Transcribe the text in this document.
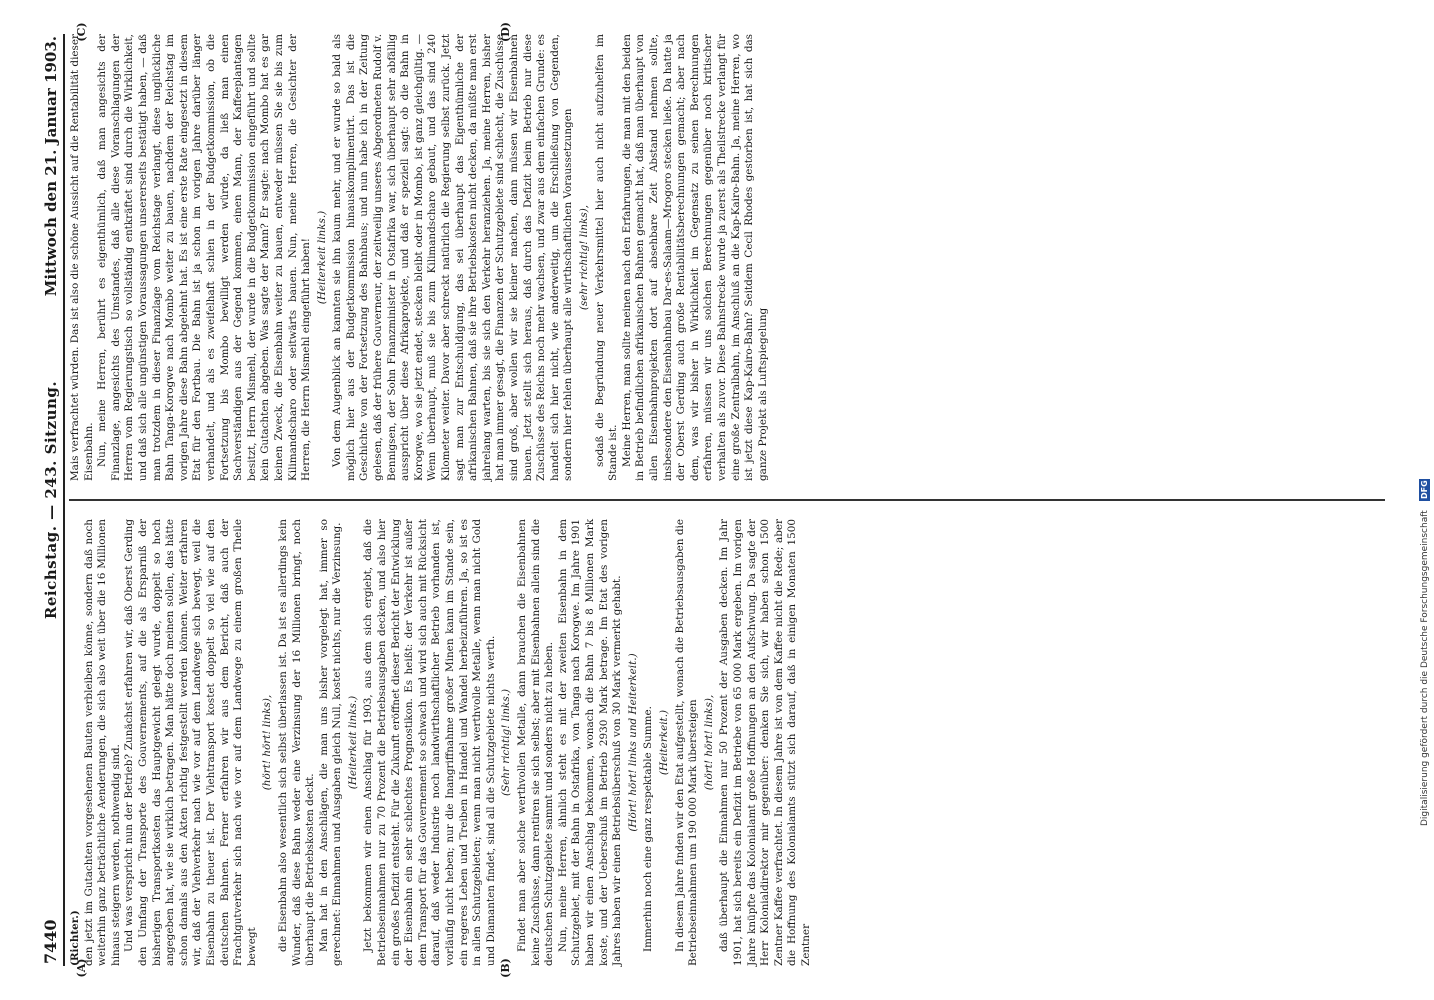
7440
Reichstag. — 243. Sitzung.
Mittwoch den 21. Januar 1903.
(A)	(B)

(Richter.) den jetzt im Gutachten vorgesehenen Bauten verbleiben könne, sondern daß noch weiterhin ganz beträchtliche Aenderungen, die sich also weit über die 16 Millionen hinaus steigern werden, nothwendig sind. Und was verspricht nun der Betrieb? Zunächst erfahren wir, daß Oberst Gerding den Umfang der Transporte des Gouvernements, auf die als Ersparniß der bisherigen Transportkosten das Hauptgewicht gelegt wurde, doppelt so hoch angegeben hat, wie sie wirklich betragen. Man hätte doch meinen sollen, das hätte schon damals aus den Akten richtig festgestellt werden können. Weiter erfahren wir, daß der Viehverkehr nach wie vor auf dem Landwege sich bewegt, weil die Eisenbahn zu theuer ist. Der Viehtransport kostet doppelt so viel wie auf den deutschen Bahnen. Ferner erfahren wir aus dem Bericht, daß auch der Frachtgutverkehr sich nach wie vor auf dem Landwege zu einem großen Theile bewegt

(hört! hört! links), die Eisenbahn also wesentlich sich selbst überlassen ist. Da ist es allerdings kein Wunder, daß diese Bahn weder eine Verzinsung der 16 Millionen bringt, noch überhaupt die Betriebskosten deckt. Man hat in den Anschlägen, die man uns bisher vorgelegt hat, immer so gerechnet: Einnahmen und Ausgaben gleich Null, kostet nichts, nur die Verzinsung. (Heiterkeit links.) Jetzt bekommen wir einen Anschlag für 1903, aus dem sich ergiebt, daß die Betriebseinnahmen nur zu 70 Prozent die Betriebsausgaben decken, und also hier ein großes Defizit entsteht. Für die Zukunft eröffnet dieser Bericht der Entwicklung der Eisenbahn ein sehr schlechtes Prognostikon. Es heißt: der Verkehr ist außer dem Transport für das Gouvernement so schwach und wird sich auch mit Rücksicht darauf, daß weder Industrie noch landwirthschaftlicher Betrieb vorhanden ist, vorläufig nicht heben; nur die Inangriffnahme großer Minen kann im Stande sein, ein regeres Leben und Treiben in Handel und Wandel herbeizuführen. Ja, so ist es in allen Schutzgebieten; wenn man nicht werthvolle Metalle, wenn man nicht Gold und Diamanten findet, sind all die Schutzgebiete nichts werth. (Sehr richtig! links.) Findet man aber solche werthvollen Metalle, dann brauchen die Eisenbahnen keine Zuschüsse, dann rentiren sie sich selbst; aber mit Eisenbahnen allein sind die deutschen Schutzgebiete sammt und sonders nicht zu heben. Nun, meine Herren, ähnlich steht es mit der zweiten Eisenbahn in dem Schutzgebiet, mit der Bahn in Ostafrika, von Tanga nach Korogwe. Im Jahre 1901 haben wir einen Anschlag bekommen, wonach die Bahn 7 bis 8 Millionen Mark koste, und der Ueberschuß im Betrieb 2930 Mark betrage. Im Etat des vorigen Jahres haben wir einen Betriebsüberschuß von 30 Mark vermerkt gehabt. (Hört! hört! links und Heiterkeit.) Immerhin noch eine ganz respektable Summe. (Heiterkeit.) In diesem Jahre finden wir den Etat aufgestellt, wonach die Betriebsausgaben die Betriebseinnahmen um 190 000 Mark übersteigen (hört! hört! links), daß überhaupt die Einnahmen nur 50 Prozent der Ausgaben decken. Im Jahr 1901, hat sich bereits ein Defizit im Betriebe von 65 000 Mark ergeben. Im vorigen Jahre knüpfte das Kolonialamt große Hoffnungen an den Aufschwung. Da sagte der Herr Kolonialdirektor mir gegenüber: denken Sie sich, wir haben schon 1500 Zentner Kaffee verfrachtet. In diesem Jahre ist von dem Kaffee nicht die Rede; aber die Hoffnung des Kolonialamts stützt sich darauf, daß in einigen Monaten 1500 Zentner

(C)	(D)

Mais verfrachtet würden. Das ist also die schöne Aussicht auf die Rentabilität dieser Eisenbahn. Nun, meine Herren, berührt es eigenthümlich, daß man angesichts der Finanzlage, angesichts des Umstandes, daß alle diese Voranschlagungen der Herren vom Regierungstisch so vollständig entkräftet sind durch die Wirklichkeit, und daß sich alle ungünstigen Voraussagungen unsererseits bestätigt haben, — daß man trotzdem in dieser Finanzlage vom Reichstage verlangt, diese unglückliche Bahn Tanga-Korogwe nach Mombo weiter zu bauen, nachdem der Reichstag im vorigen Jahre diese Bahn abgelehnt hat. Es ist eine erste Rate eingesetzt in diesem Etat für den Fortbau. Die Bahn ist ja schon im vorigen Jahre darüber länger verhandelt, und als es zweifelhaft schien in der Budgetkommission, ob die Fortsetzung bis Mombo bewilligt werden würde, da ließ man einen Sachverständigen aus der Gegend kommen, einen Mann, der Kaffeeplantagen besitzt, Herrn Mismehl, der wurde in die Budgetkommission eingeführt und sollte kein Gutachten abgeben. Was sagte der Mann? Er sagte: nach Mombo hat es gar keinen Zweck, die Eisenbahn weiter zu bauen, entweder müssen Sie sie bis zum Kilimandscharo oder seitwärts bauen. Nun, meine Herren, die Gesichter der Herren, die Herrn Mismehl eingeführt haben! (Heiterkeit links.) Von dem Augenblick an kannten sie ihn kaum mehr, und er wurde so bald als möglich hier aus der Budgetkommission hinauskomplimentirt. Das ist die Geschichte von der Fortsetzung des Bahnbaus; und nun habe ich in der Zeitung gelesen, daß der frühere Gouverneur, der zeitweilig unseres Abgeordneten Rudolf v. Bennigsen, der Sohn Finanzminister in Ostafrika war, sich überhaupt sehr abfällig ausspricht über diese Afrikaprojekte, und daß er speziell sagt: ob die Bahn in Korogwe, wo sie jetzt endet, stecken bleibt oder in Mombo, ist ganz gleichgültig. — Wenn überhaupt, muß sie bis zum Kilimandscharo gebaut, und das sind 240 Kilometer weiter. Davor aber schreckt natürlich die Regierung selbst zurück. Jetzt sagt man zur Entschuldigung, das sei überhaupt das Eigenthümliche der afrikanischen Bahnen, daß sie ihre Betriebskosten nicht decken, da müßte man erst jahrelang warten, bis sie sich den Verkehr heranziehen. Ja, meine Herren, bisher hat man immer gesagt, die Finanzen der Schutzgebiete sind schlecht, die Zuschüsse sind groß, aber wollen wir sie kleiner machen, dann müssen wir Eisenbahnen bauen. Jetzt stellt sich heraus, daß durch das Defizit beim Betrieb nur diese Zuschüsse des Reichs noch mehr wachsen, und zwar aus dem einfachen Grunde: es handelt sich hier nicht, wie anderweitig, um die Erschließung von Gegenden, sondern hier fehlen überhaupt alle wirthschaftlichen Voraussetzungen (sehr richtig! links), sodaß die Begründung neuer Verkehrsmittel hier auch nicht aufzuhelfen im Stande ist. Meine Herren, man sollte meinen nach den Erfahrungen, die man mit den beiden in Betrieb befindlichen afrikanischen Bahnen gemacht hat, daß man überhaupt von allen Eisenbahnprojekten dort auf absehbare Zeit Abstand nehmen sollte, insbesondere den Eisenbahnbau Dar-es-Salaam—Mrogoro stecken ließe. Da hatte ja der Oberst Gerding auch große Rentabilitätsberechnungen gemacht; aber nach dem, was wir bisher in Wirklichkeit im Gegensatz zu seinen Berechnungen erfahren, müssen wir uns solchen Berechnungen gegenüber noch kritischer verhalten als zuvor. Diese Bahnstrecke wurde ja zuerst als Theilstrecke verlangt für eine große Zentralbahn, im Anschluß an die Kap-Kairo-Bahn. Ja, meine Herren, wo ist jetzt diese Kap-Kairo-Bahn? Seitdem Cecil Rhodes gestorben ist, hat sich das ganze Projekt als Luftspiegelung

Digitalisierung gefördert durch die Deutsche Forschungsgemeinschaft DFG
